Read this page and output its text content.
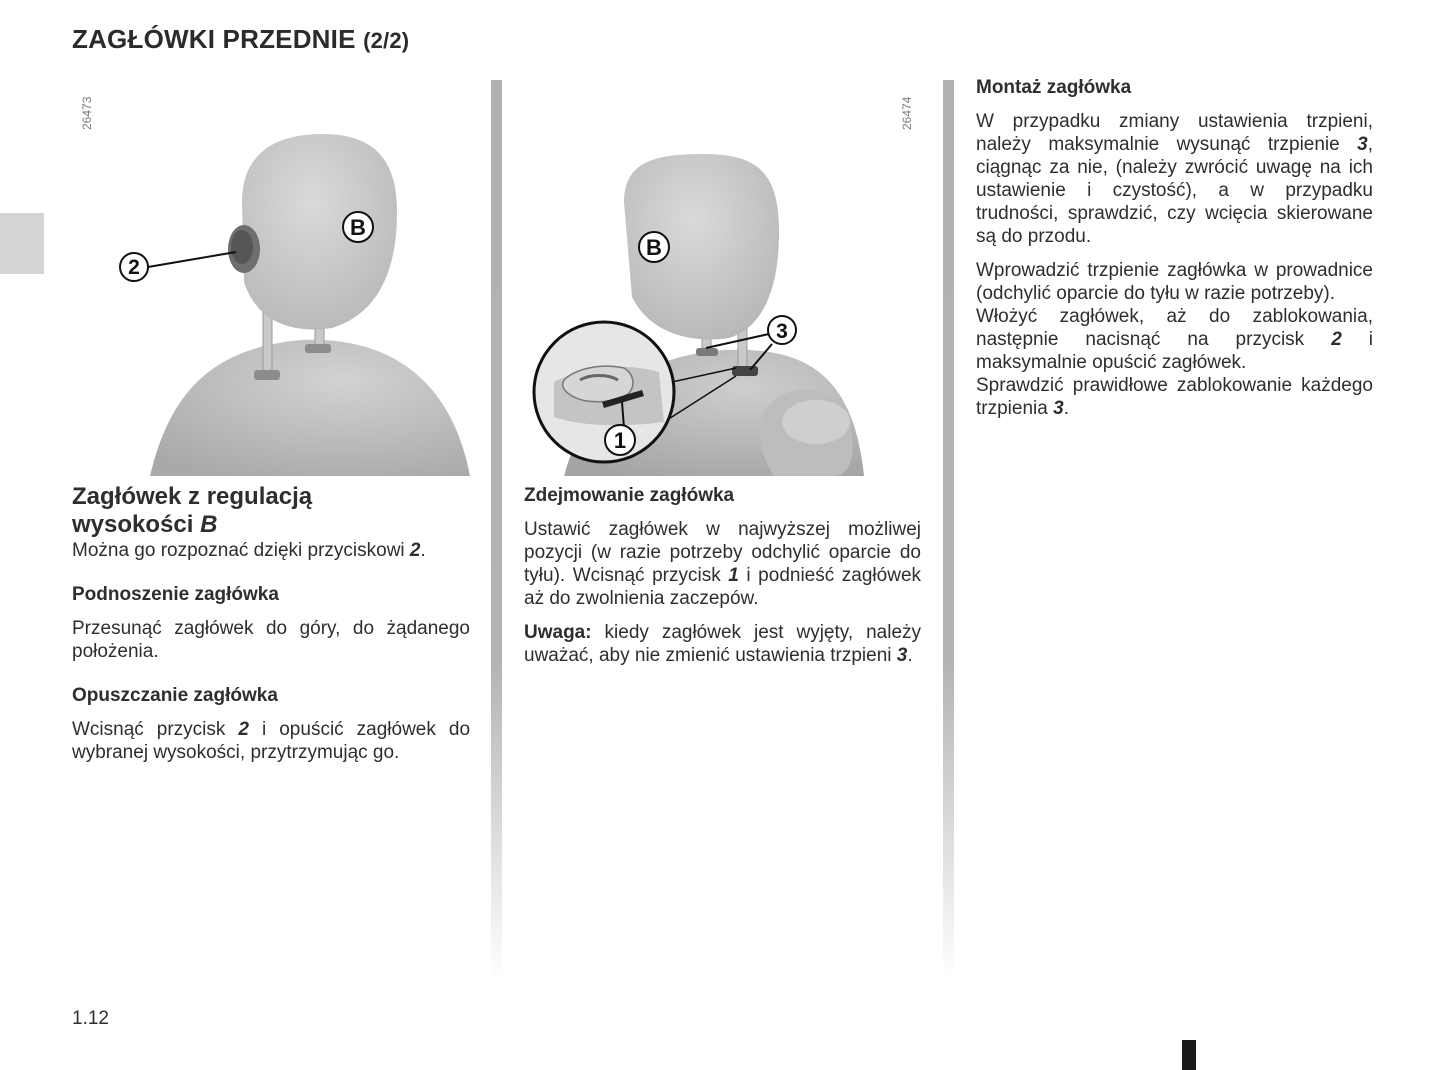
ZAGŁÓWKI PRZEDNIE (2/2)
26473
2
B
26474
B
3
1
Zagłówek z regulacją
wysokości B

Można go rozpoznać dzięki przyciskowi 2.

Podnoszenie zagłówka

Przesunąć zagłówek do góry, do żądanego położenia.

Opuszczanie zagłówka

Wcisnąć przycisk 2 i opuścić zagłówek do wybranej wysokości, przytrzymując go.

Zdejmowanie zagłówka

Ustawić zagłówek w najwyższej możliwej pozycji (w razie potrzeby odchylić oparcie do tyłu). Wcisnąć przycisk 1 i podnieść zagłówek aż do zwolnienia zaczepów.

Uwaga: kiedy zagłówek jest wyjęty, należy uważać, aby nie zmienić ustawienia trzpieni 3.

Montaż zagłówka

W przypadku zmiany ustawienia trzpieni, należy maksymalnie wysunąć trzpienie 3, ciągnąc za nie, (należy zwrócić uwagę na ich ustawienie i czystość), a w przypadku trudności, sprawdzić, czy wcięcia skierowane są do przodu.

Wprowadzić trzpienie zagłówka w prowadnice (odchylić oparcie do tyłu w razie potrzeby).

Włożyć zagłówek, aż do zablokowania, następnie nacisnąć na przycisk 2 i maksymalnie opuścić zagłówek.

Sprawdzić prawidłowe zablokowanie każdego trzpienia 3.

1.12
